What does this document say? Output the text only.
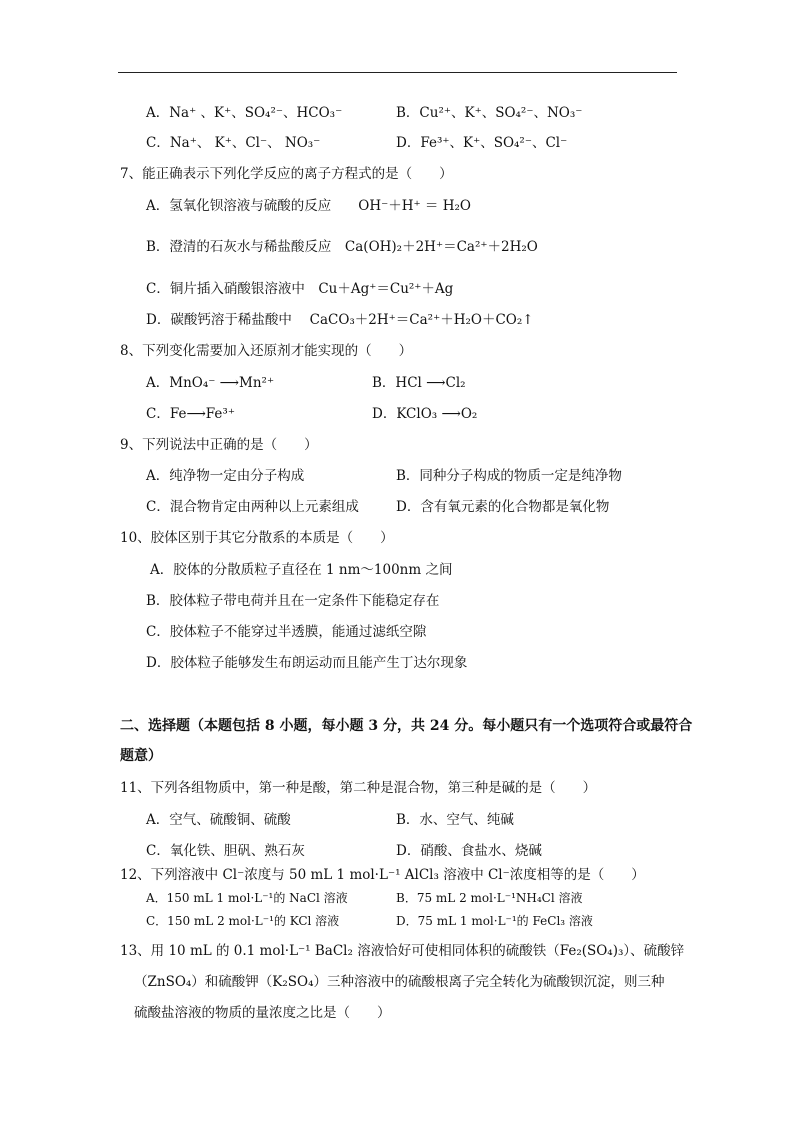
A．Na⁺ 、K⁺、SO₄²⁻、HCO₃⁻	B．Cu²⁺、K⁺、SO₄²⁻、NO₃⁻
C．Na⁺、 K⁺、Cl⁻、 NO₃⁻	D．Fe³⁺、K⁺、SO₄²⁻、Cl⁻
7、能正确表示下列化学反应的离子方程式的是（　　）
A．氢氧化钡溶液与硫酸的反应　　OH⁻＋H⁺ ＝ H₂O
B．澄清的石灰水与稀盐酸反应　Ca(OH)₂＋2H⁺＝Ca²⁺＋2H₂O
C．铜片插入硝酸银溶液中　Cu＋Ag⁺＝Cu²⁺＋Ag
D．碳酸钙溶于稀盐酸中　 CaCO₃＋2H⁺＝Ca²⁺＋H₂O＋CO₂↑
8、下列变化需要加入还原剂才能实现的（　　）
A．MnO₄⁻ ⟶Mn²⁺	B．HCl ⟶Cl₂
C．Fe⟶Fe³⁺	D．KClO₃ ⟶O₂
9、下列说法中正确的是（　　）
A．纯净物一定由分子构成	B．同种分子构成的物质一定是纯净物
C．混合物肯定由两种以上元素组成	D．含有氧元素的化合物都是氧化物
10、胶体区别于其它分散系的本质是（　　）
A．胶体的分散质粒子直径在 1 nm～100nm 之间
B．胶体粒子带电荷并且在一定条件下能稳定存在
C．胶体粒子不能穿过半透膜，能通过滤纸空隙
D．胶体粒子能够发生布朗运动而且能产生丁达尔现象
二、选择题（本题包括 8 小题，每小题 3 分，共 24 分。每小题只有一个选项符合或最符合
题意）
11、下列各组物质中，第一种是酸，第二种是混合物，第三种是碱的是（　　）
A．空气、硫酸铜、硫酸	B．水、空气、纯碱
C．氧化铁、胆矾、熟石灰	D．硝酸、食盐水、烧碱
12、下列溶液中 Cl⁻浓度与 50 mL 1 mol·L⁻¹ AlCl₃ 溶液中 Cl⁻浓度相等的是（　　）
A．150 mL 1 mol·L⁻¹的 NaCl 溶液	B．75 mL 2 mol·L⁻¹NH₄Cl 溶液
C．150 mL 2 mol·L⁻¹的 KCl 溶液	D．75 mL 1 mol·L⁻¹的 FeCl₃ 溶液
13、用 10 mL 的 0.1 mol·L⁻¹ BaCl₂ 溶液恰好可使相同体积的硫酸铁（Fe₂(SO₄)₃）、硫酸锌
（ZnSO₄）和硫酸钾（K₂SO₄）三种溶液中的硫酸根离子完全转化为硫酸钡沉淀，则三种
硫酸盐溶液的物质的量浓度之比是（　　）
